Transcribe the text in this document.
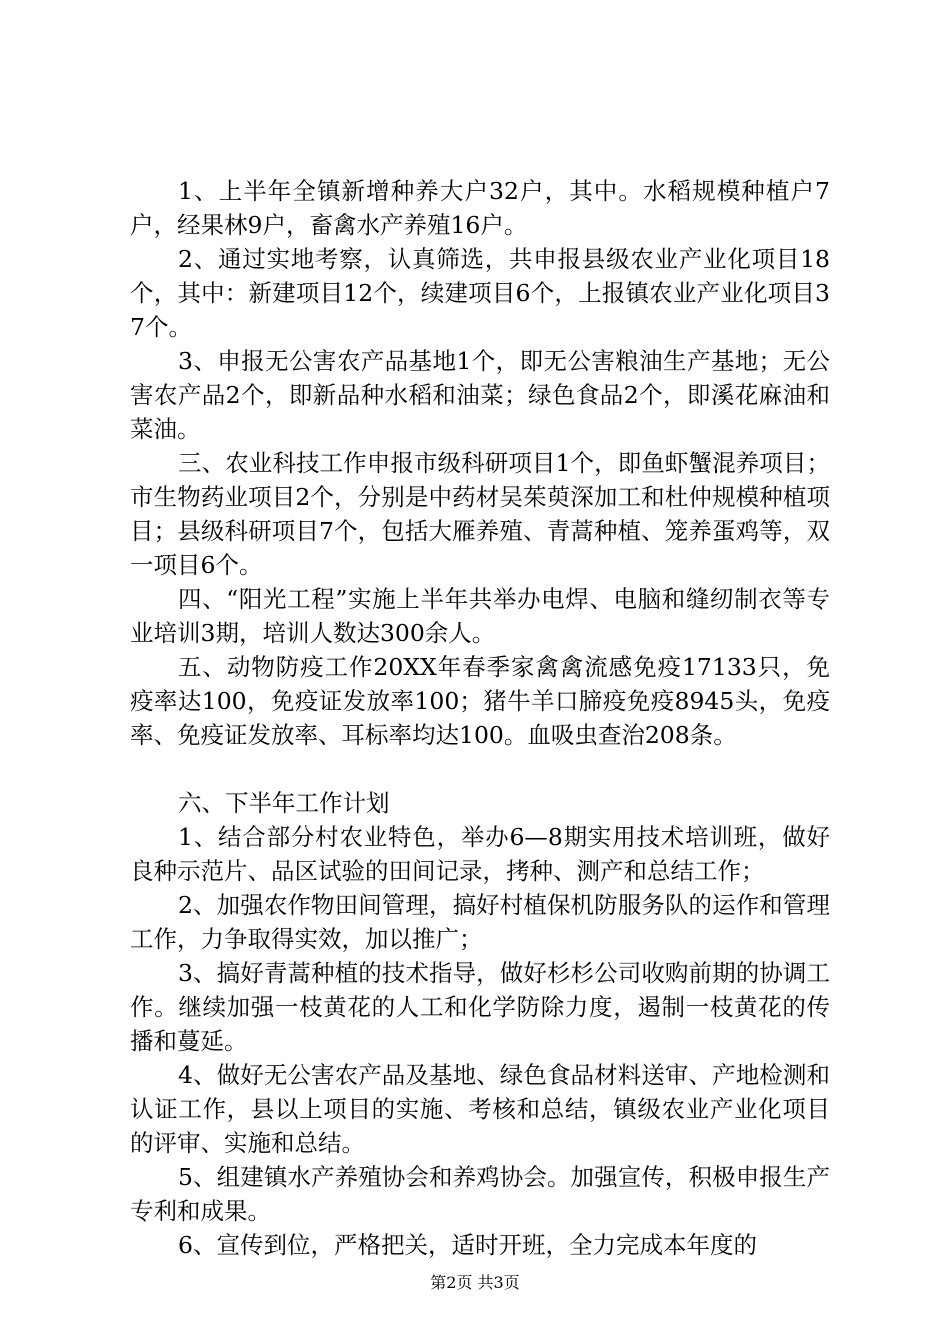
1、上半年全镇新增种养大户32户，其中。水稻规模种植户7户，经果林9户，畜禽水产养殖16户。

2、通过实地考察，认真筛选，共申报县级农业产业化项目18个，其中：新建项目12个，续建项目6个，上报镇农业产业化项目37个。

3、申报无公害农产品基地1个，即无公害粮油生产基地；无公害农产品2个，即新品种水稻和油菜；绿色食品2个，即溪花麻油和菜油。

三、农业科技工作申报市级科研项目1个，即鱼虾蟹混养项目；市生物药业项目2个，分别是中药材吴茱萸深加工和杜仲规模种植项目；县级科研项目7个，包括大雁养殖、青蒿种植、笼养蛋鸡等，双一项目6个。

四、“阳光工程”实施上半年共举办电焊、电脑和缝纫制衣等专业培训3期，培训人数达300余人。

五、动物防疫工作20XX年春季家禽禽流感免疫17133只，免疫率达100，免疫证发放率100；猪牛羊口腣疫免疫8945头，免疫率、免疫证发放率、耳标率均达100。血吸虫查治208条。

六、下半年工作计划

1、结合部分村农业特色，举办6—8期实用技术培训班，做好良种示范片、品区试验的田间记录，拷种、测产和总结工作；

2、加强农作物田间管理，搞好村植保机防服务队的运作和管理工作，力争取得实效，加以推广；

3、搞好青蒿种植的技术指导，做好杉杉公司收购前期的协调工作。继续加强一枝黄花的人工和化学防除力度，遏制一枝黄花的传播和蔓延。

4、做好无公害农产品及基地、绿色食品材料送审、产地检测和认证工作，县以上项目的实施、考核和总结，镇级农业产业化项目的评审、实施和总结。

5、组建镇水产养殖协会和养鸡协会。加强宣传，积极申报生产专利和成果。

6、宣传到位，严格把关，适时开班，全力完成本年度的

第2页 共3页
